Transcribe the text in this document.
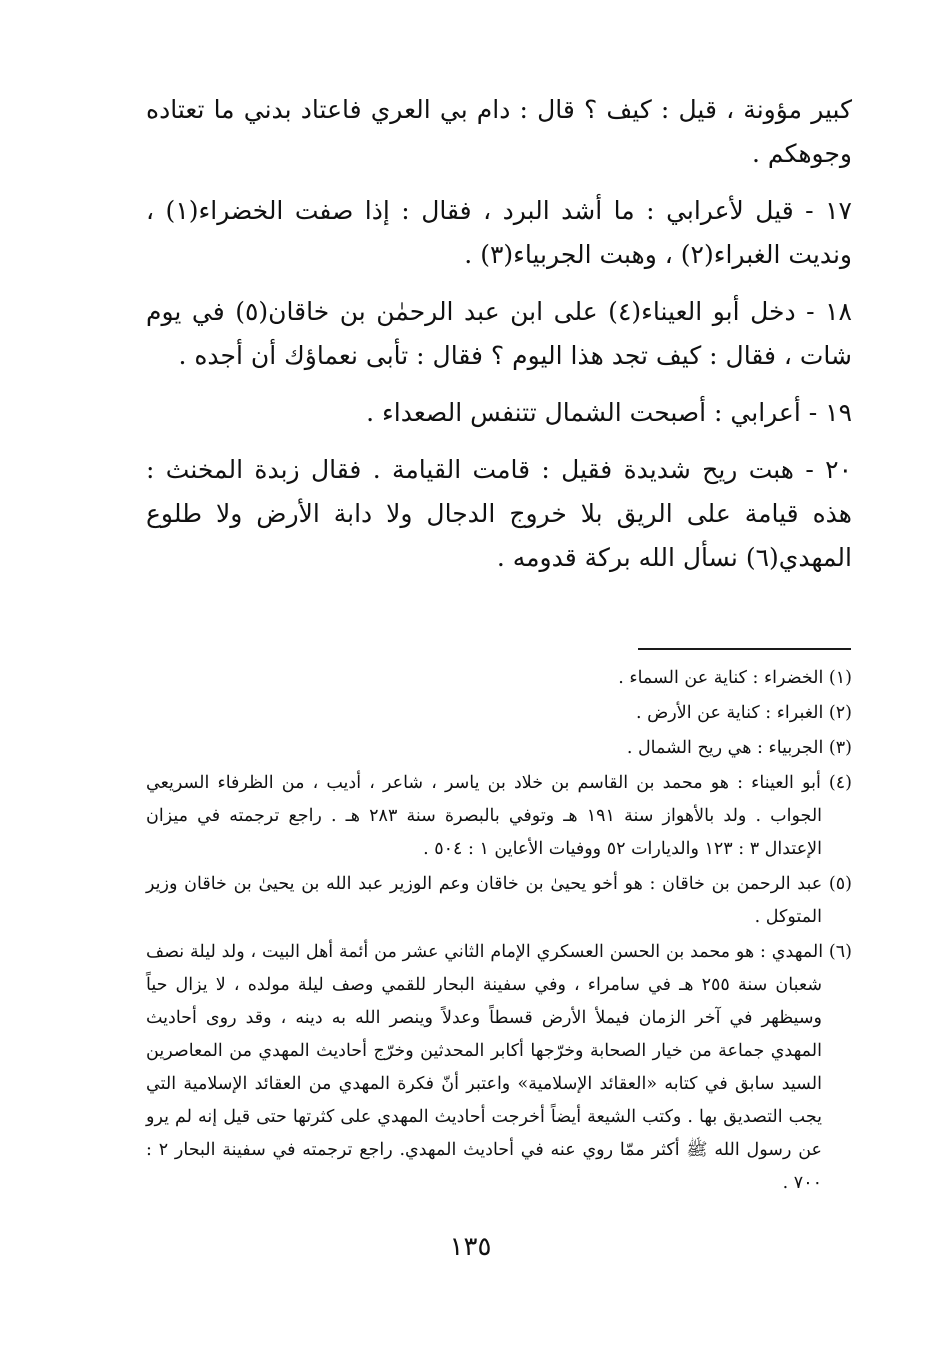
كبير مؤونة ، قيل : كيف ؟ قال : دام بي العري فاعتاد بدني ما تعتاده وجوهكم .

١٧ - قيل لأعرابي : ما أشد البرد ، فقال : إذا صفت الخضراء(١) ، ونديت الغبراء(٢) ، وهبت الجربياء(٣) .

١٨ - دخل أبو العيناء(٤) على ابن عبد الرحمٰن بن خاقان(٥) في يوم شات ، فقال : كيف تجد هذا اليوم ؟ فقال : تأبى نعماؤك أن أجده .

١٩ - أعرابي : أصبحت الشمال تتنفس الصعداء .

٢٠ - هبت ريح شديدة فقيل : قامت القيامة . فقال زبدة المخنث : هذه قيامة على الريق بلا خروج الدجال ولا دابة الأرض ولا طلوع المهدي(٦) نسأل الله بركة قدومه .

(١) الخضراء : كناية عن السماء .

(٢) الغبراء : كناية عن الأرض .

(٣) الجربياء : هي ريح الشمال .

(٤) أبو العيناء : هو محمد بن القاسم بن خلاد بن ياسر ، شاعر ، أديب ، من الظرفاء السريعي الجواب . ولد بالأهواز سنة ١٩١ هـ وتوفي بالبصرة سنة ٢٨٣ هـ . راجع ترجمته في ميزان الإعتدال ٣ : ١٢٣ والديارات ٥٢ ووفيات الأعاين ١ : ٥٠٤ .

(٥) عبد الرحمن بن خاقان : هو أخو يحيىٰ بن خاقان وعم الوزير عبد الله بن يحيىٰ بن خاقان وزير المتوكل .

(٦) المهدي : هو محمد بن الحسن العسكري الإمام الثاني عشر من أئمة أهل البيت ، ولد ليلة نصف شعبان سنة ٢٥٥ هـ في سامراء ، وفي سفينة البحار للقمي وصف ليلة مولده ، لا يزال حياً وسيظهر في آخر الزمان فيملأ الأرض قسطاً وعدلاً وينصر الله به دينه ، وقد روى أحاديث المهدي جماعة من خيار الصحابة وخرّجها أكابر المحدثين وخرّج أحاديث المهدي من المعاصرين السيد سابق في كتابه «العقائد الإسلامية» واعتبر أنّ فكرة المهدي من العقائد الإسلامية التي يجب التصديق بها . وكتب الشيعة أيضاً أخرجت أحاديث المهدي على كثرتها حتى قيل إنه لم يرو عن رسول الله ﷺ أكثر ممّا روي عنه في أحاديث المهدي. راجع ترجمته في سفينة البحار ٢ : ٧٠٠ .

١٣٥
